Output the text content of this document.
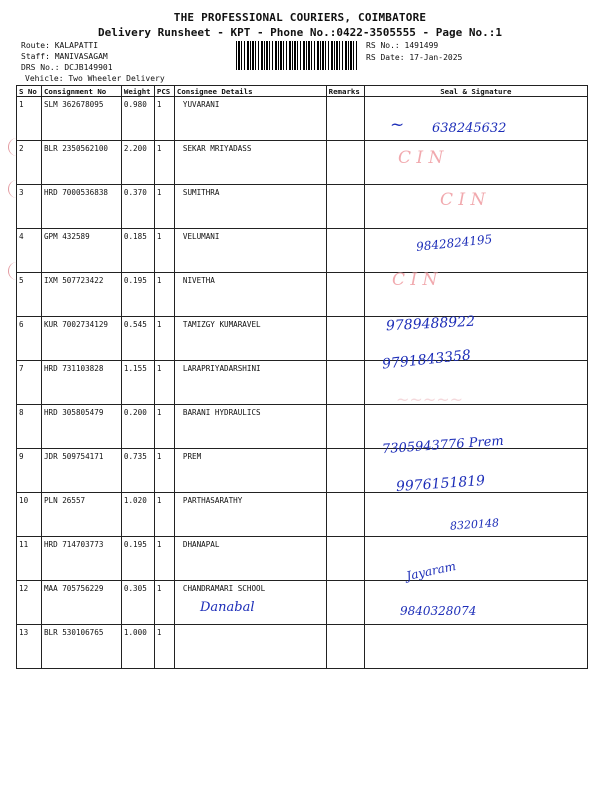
THE PROFESSIONAL COURIERS, COIMBATORE
Delivery Runsheet - KPT - Phone No.:0422-3505555 - Page No.:1
Route: KALAPATTI
Staff: MANIVASAGAM
DRS No.: DCJB149901
Vehicle: Two Wheeler Delivery
RS No.: 1491499
RS Date: 17-Jan-2025
S No	Consignment No	Weight	PCS	Consignee Details	Remarks	Seal & Signature
1	SLM 362678095	0.980	1	YUVARANI		
2	BLR 2350562100	2.200	1	SEKAR MRIYADASS		
3	HRD 7000536838	0.370	1	SUMITHRA		
4	GPM 432589	0.185	1	VELUMANI		
5	IXM 507723422	0.195	1	NIVETHA		
6	KUR 7002734129	0.545	1	TAMIZGY KUMARAVEL		
7	HRD 731103828	1.155	1	LARAPRIYADARSHINI		
8	HRD 305805479	0.200	1	BARANI HYDRAULICS		
9	JDR 509754171	0.735	1	PREM		
10	PLN 26557	1.020	1	PARTHASARATHY		
11	HRD 714703773	0.195	1	DHANAPAL		
12	MAA 705756229	0.305	1	CHANDRAMARI SCHOOL		
13	BLR 530106765	1.000	1			
~ 638245632
C I N
C I N
9842824195
C I N
9789488922
9791843358
~~~~~
7305943776 Prem
9976151819
8320148
Jayaram
9840328074
Danabal
